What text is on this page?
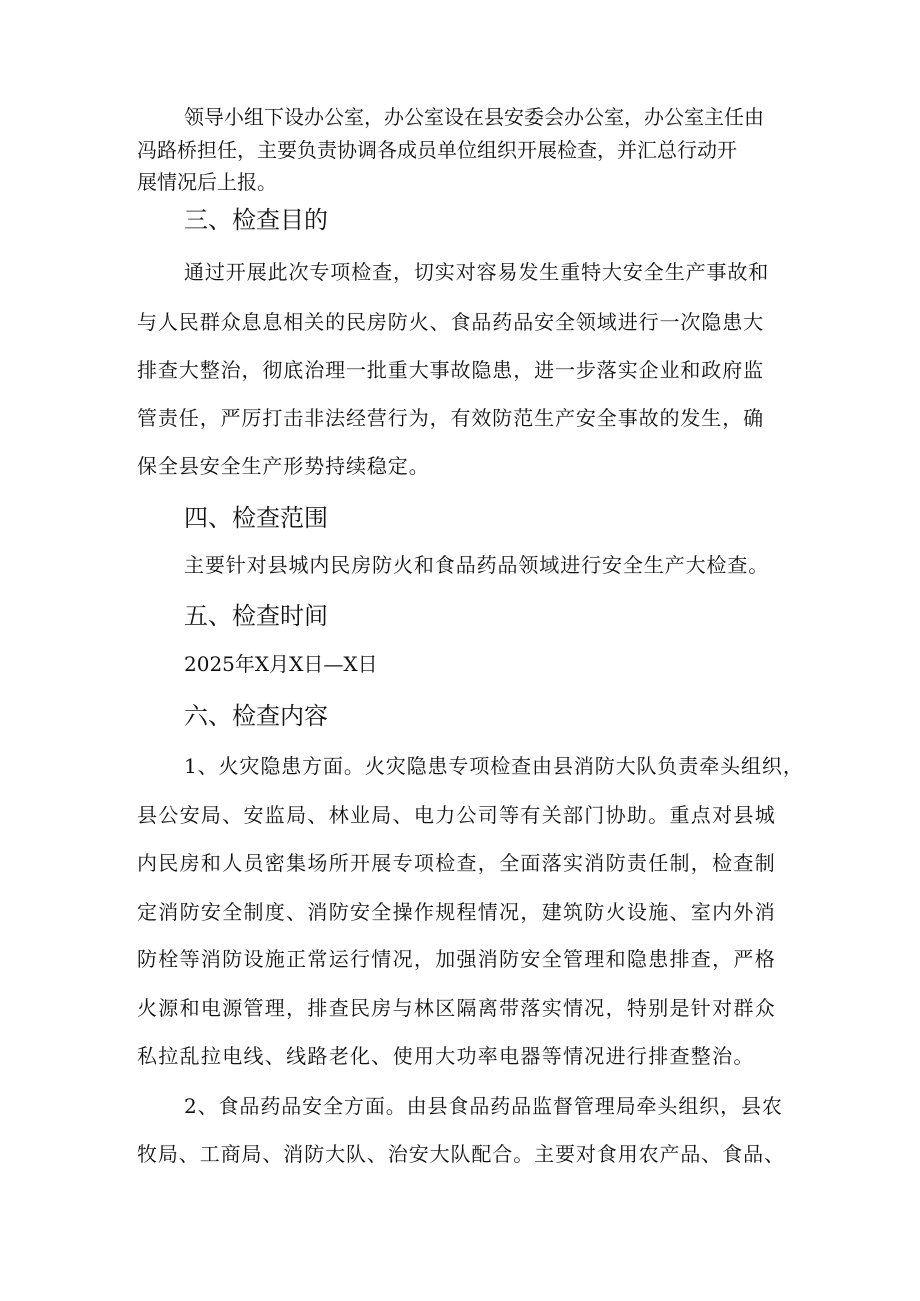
领导小组下设办公室，办公室设在县安委会办公室，办公室主任由
冯路桥担任，主要负责协调各成员单位组织开展检查，并汇总行动开
展情况后上报。
三、检查目的
通过开展此次专项检查，切实对容易发生重特大安全生产事故和
与人民群众息息相关的民房防火、食品药品安全领域进行一次隐患大
排查大整治，彻底治理一批重大事故隐患，进一步落实企业和政府监
管责任，严厉打击非法经营行为，有效防范生产安全事故的发生，确
保全县安全生产形势持续稳定。
四、检查范围
主要针对县城内民房防火和食品药品领域进行安全生产大检查。
五、检查时间
2025年X月X日—X日
六、检查内容
1、火灾隐患方面。火灾隐患专项检查由县消防大队负责牵头组织，
县公安局、安监局、林业局、电力公司等有关部门协助。重点对县城
内民房和人员密集场所开展专项检查，全面落实消防责任制，检查制
定消防安全制度、消防安全操作规程情况，建筑防火设施、室内外消
防栓等消防设施正常运行情况，加强消防安全管理和隐患排查，严格
火源和电源管理，排查民房与林区隔离带落实情况，特别是针对群众
私拉乱拉电线、线路老化、使用大功率电器等情况进行排查整治。
2、食品药品安全方面。由县食品药品监督管理局牵头组织，县农
牧局、工商局、消防大队、治安大队配合。主要对食用农产品、食品、
